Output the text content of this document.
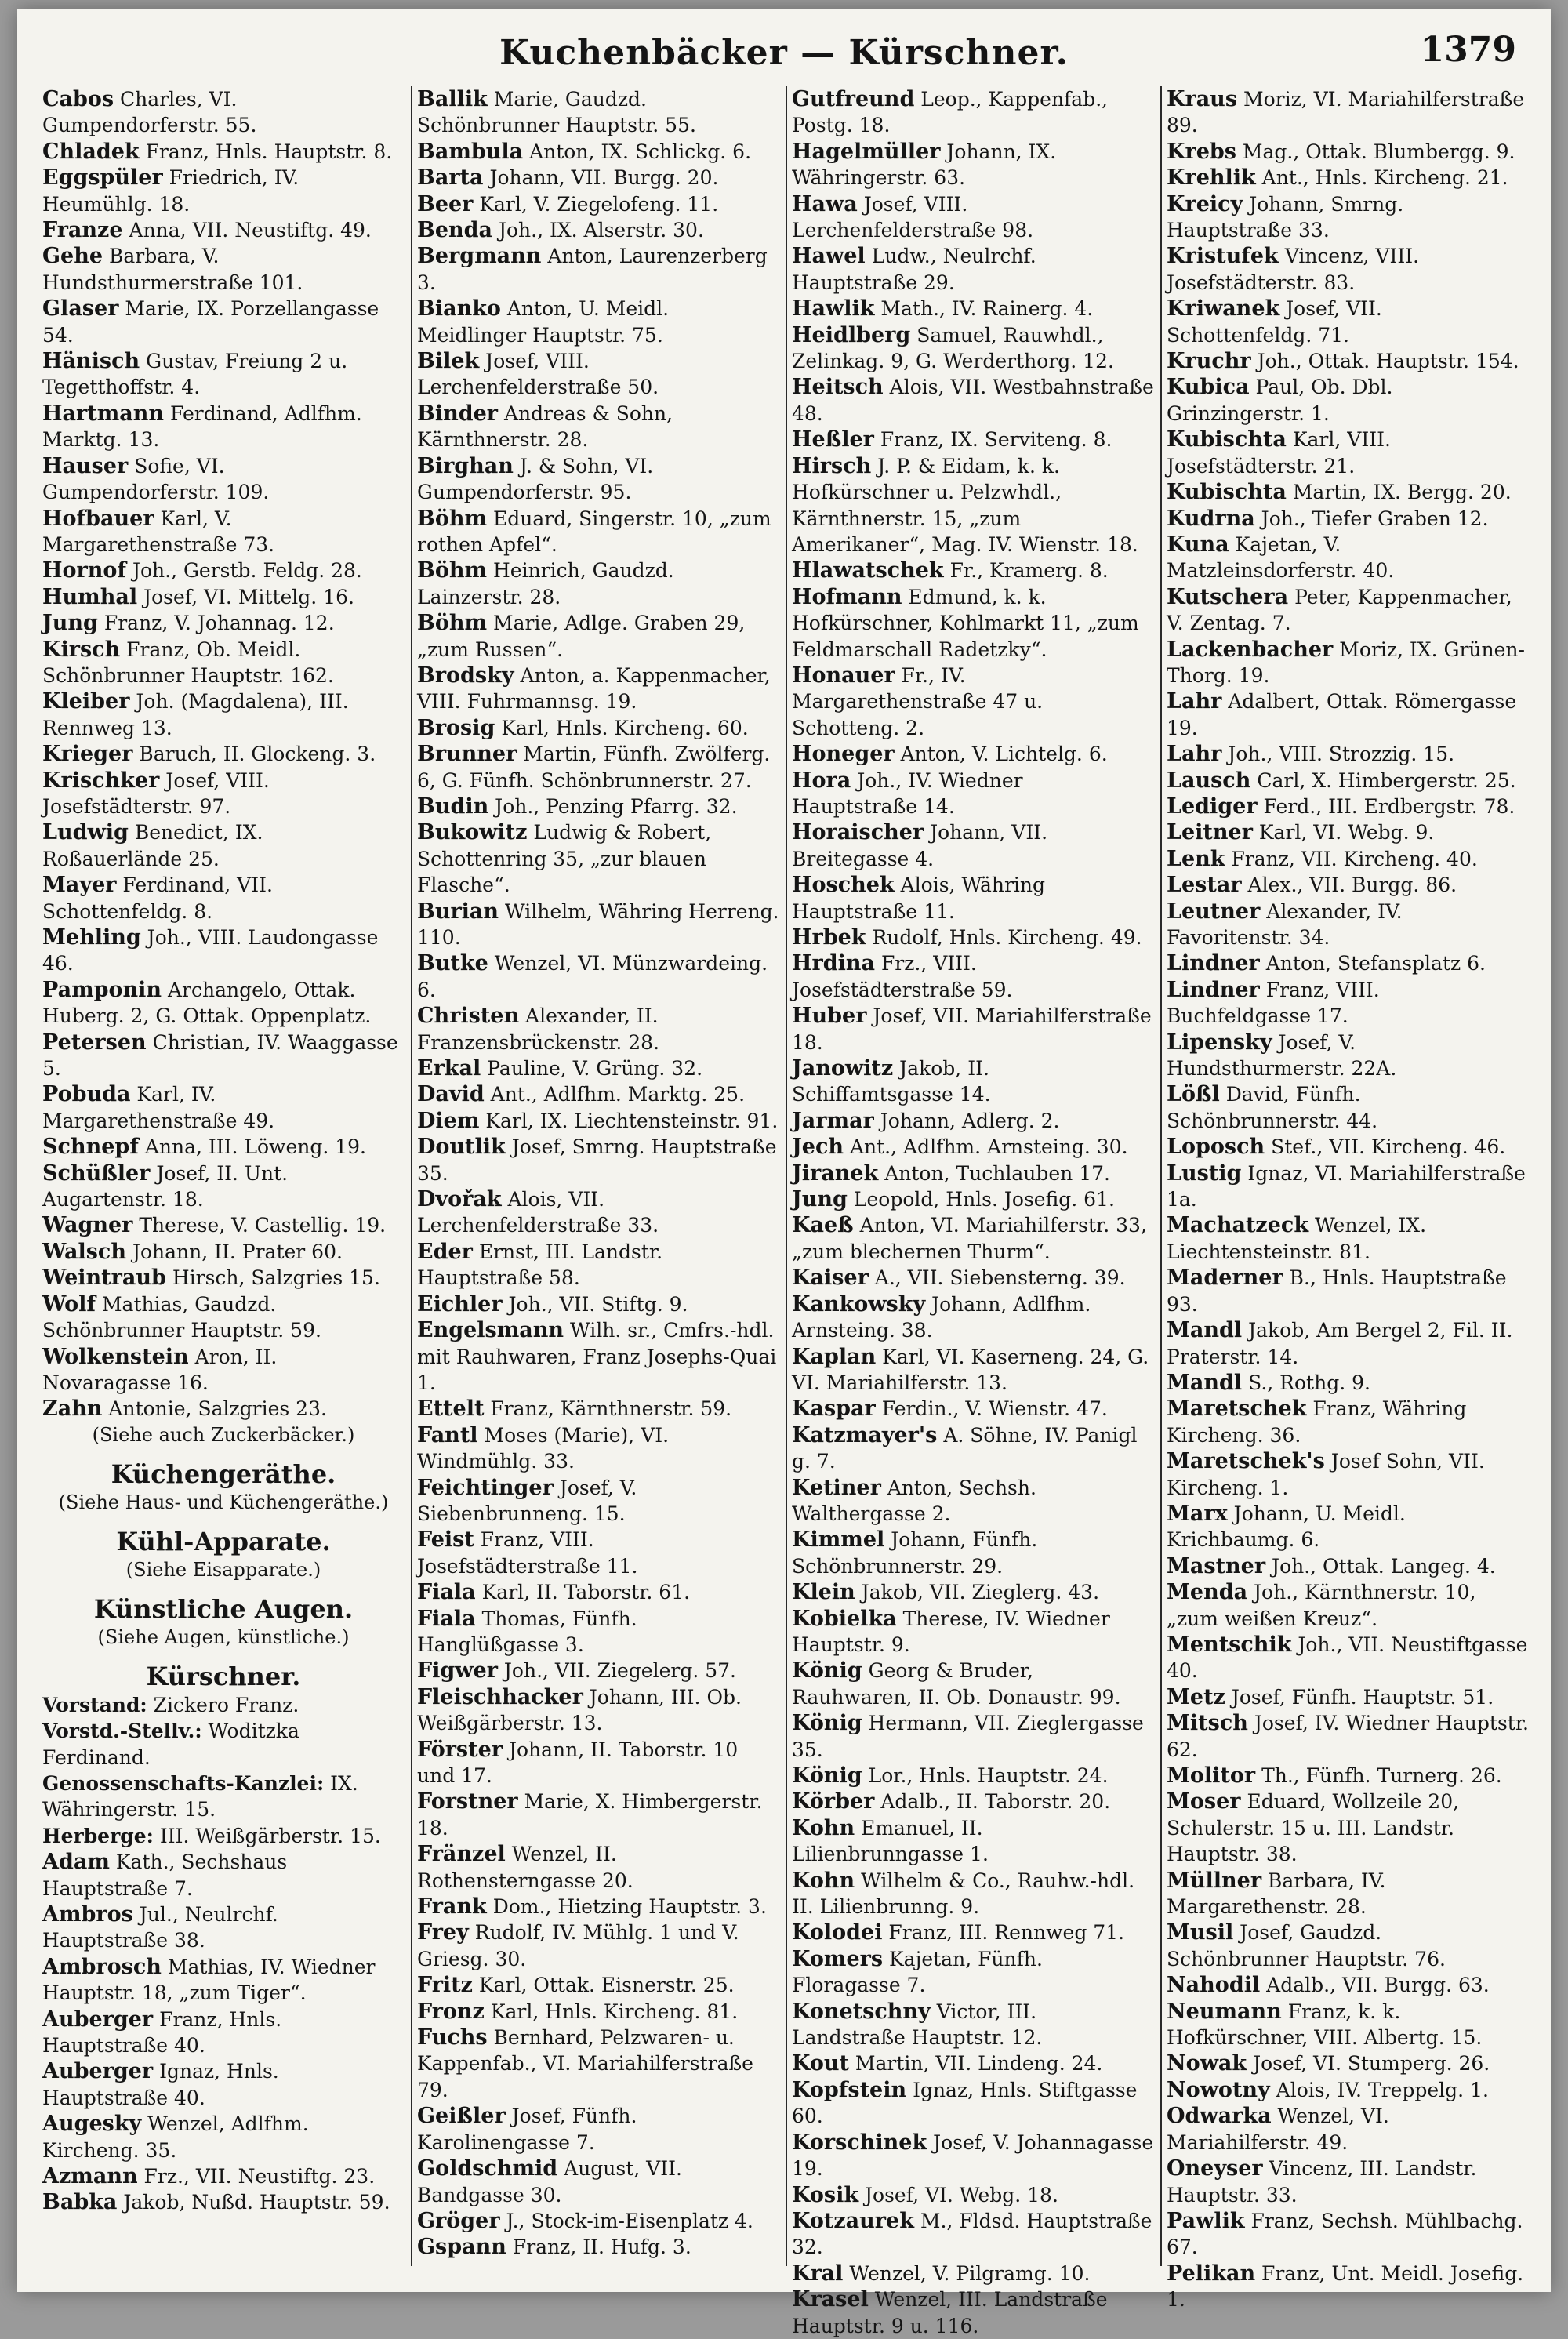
Kuchenbäcker — Kürschner.	1379
Cabos Charles, VI. Gumpendorferstr. 55.
Chladek Franz, Hnls. Hauptstr. 8.
Eggspüler Friedrich, IV. Heumühlg. 18.
Franze Anna, VII. Neustiftg. 49.
Gehe Barbara, V. Hundsthurmerstraße 101.
Glaser Marie, IX. Porzellangasse 54.
Hänisch Gustav, Freiung 2 u. Tegetthoffstr. 4.
Hartmann Ferdinand, Adlfhm. Marktg. 13.
Hauser Sofie, VI. Gumpendorferstr. 109.
Hofbauer Karl, V. Margarethenstraße 73.
Hornof Joh., Gerstb. Feldg. 28.
Humhal Josef, VI. Mittelg. 16.
Jung Franz, V. Johannag. 12.
Kirsch Franz, Ob. Meidl. Schönbrunner Hauptstr. 162.
Kleiber Joh. (Magdalena), III. Rennweg 13.
Krieger Baruch, II. Glockeng. 3.
Krischker Josef, VIII. Josefstädterstr. 97.
Ludwig Benedict, IX. Roßauerlände 25.
Mayer Ferdinand, VII. Schottenfeldg. 8.
Mehling Joh., VIII. Laudongasse 46.
Pamponin Archangelo, Ottak. Huberg. 2, G. Ottak. Oppenplatz.
Petersen Christian, IV. Waaggasse 5.
Pobuda Karl, IV. Margarethenstraße 49.
Schnepf Anna, III. Löweng. 19.
Schüßler Josef, II. Unt. Augartenstr. 18.
Wagner Therese, V. Castellig. 19.
Walsch Johann, II. Prater 60.
Weintraub Hirsch, Salzgries 15.
Wolf Mathias, Gaudzd. Schönbrunner Hauptstr. 59.
Wolkenstein Aron, II. Novaragasse 16.
Zahn Antonie, Salzgries 23.
(Siehe auch Zuckerbäcker.)
Küchengeräthe.
(Siehe Haus- und Küchengeräthe.)
Kühl-Apparate.
(Siehe Eisapparate.)
Künstliche Augen.
(Siehe Augen, künstliche.)
Kürschner.
Vorstand: Zickero Franz.
Vorstd.-Stellv.: Woditzka Ferdinand.
Genossenschafts-Kanzlei: IX. Währingerstr. 15.
Herberge: III. Weißgärberstr. 15.
Adam Kath., Sechshaus Hauptstraße 7.
Ambros Jul., Neulrchf. Hauptstraße 38.
Ambrosch Mathias, IV. Wiedner Hauptstr. 18, „zum Tiger“.
Auberger Franz, Hnls. Hauptstraße 40.
Auberger Ignaz, Hnls. Hauptstraße 40.
Augesky Wenzel, Adlfhm. Kircheng. 35.
Azmann Frz., VII. Neustiftg. 23.
Babka Jakob, Nußd. Hauptstr. 59.
Ballik Marie, Gaudzd. Schönbrunner Hauptstr. 55.
Bambula Anton, IX. Schlickg. 6.
Barta Johann, VII. Burgg. 20.
Beer Karl, V. Ziegelofeng. 11.
Benda Joh., IX. Alserstr. 30.
Bergmann Anton, Laurenzerberg 3.
Bianko Anton, U. Meidl. Meidlinger Hauptstr. 75.
Bilek Josef, VIII. Lerchenfelderstraße 50.
Binder Andreas & Sohn, Kärnthnerstr. 28.
Birghan J. & Sohn, VI. Gumpendorferstr. 95.
Böhm Eduard, Singerstr. 10, „zum rothen Apfel“.
Böhm Heinrich, Gaudzd. Lainzerstr. 28.
Böhm Marie, Adlge. Graben 29, „zum Russen“.
Brodsky Anton, a. Kappenmacher, VIII. Fuhrmannsg. 19.
Brosig Karl, Hnls. Kircheng. 60.
Brunner Martin, Fünfh. Zwölferg. 6, G. Fünfh. Schönbrunnerstr. 27.
Budin Joh., Penzing Pfarrg. 32.
Bukowitz Ludwig & Robert, Schottenring 35, „zur blauen Flasche“.
Burian Wilhelm, Währing Herreng. 110.
Butke Wenzel, VI. Münzwardeing. 6.
Christen Alexander, II. Franzensbrückenstr. 28.
Erkal Pauline, V. Grüng. 32.
David Ant., Adlfhm. Marktg. 25.
Diem Karl, IX. Liechtensteinstr. 91.
Doutlik Josef, Smrng. Hauptstraße 35.
Dvořak Alois, VII. Lerchenfelderstraße 33.
Eder Ernst, III. Landstr. Hauptstraße 58.
Eichler Joh., VII. Stiftg. 9.
Engelsmann Wilh. sr., Cmfrs.-hdl. mit Rauhwaren, Franz Josephs-Quai 1.
Ettelt Franz, Kärnthnerstr. 59.
Fantl Moses (Marie), VI. Windmühlg. 33.
Feichtinger Josef, V. Siebenbrunneng. 15.
Feist Franz, VIII. Josefstädterstraße 11.
Fiala Karl, II. Taborstr. 61.
Fiala Thomas, Fünfh. Hanglüßgasse 3.
Figwer Joh., VII. Ziegelerg. 57.
Fleischhacker Johann, III. Ob. Weißgärberstr. 13.
Förster Johann, II. Taborstr. 10 und 17.
Forstner Marie, X. Himbergerstr. 18.
Fränzel Wenzel, II. Rothensterngasse 20.
Frank Dom., Hietzing Hauptstr. 3.
Frey Rudolf, IV. Mühlg. 1 und V. Griesg. 30.
Fritz Karl, Ottak. Eisnerstr. 25.
Fronz Karl, Hnls. Kircheng. 81.
Fuchs Bernhard, Pelzwaren- u. Kappenfab., VI. Mariahilferstraße 79.
Geißler Josef, Fünfh. Karolinengasse 7.
Goldschmid August, VII. Bandgasse 30.
Gröger J., Stock-im-Eisenplatz 4.
Gspann Franz, II. Hufg. 3.
Gutfreund Leop., Kappenfab., Postg. 18.
Hagelmüller Johann, IX. Währingerstr. 63.
Hawa Josef, VIII. Lerchenfelderstraße 98.
Hawel Ludw., Neulrchf. Hauptstraße 29.
Hawlik Math., IV. Rainerg. 4.
Heidlberg Samuel, Rauwhdl., Zelinkag. 9, G. Werderthorg. 12.
Heitsch Alois, VII. Westbahnstraße 48.
Heßler Franz, IX. Serviteng. 8.
Hirsch J. P. & Eidam, k. k. Hofkürschner u. Pelzwhdl., Kärnthnerstr. 15, „zum Amerikaner“, Mag. IV. Wienstr. 18.
Hlawatschek Fr., Kramerg. 8.
Hofmann Edmund, k. k. Hofkürschner, Kohlmarkt 11, „zum Feldmarschall Radetzky“.
Honauer Fr., IV. Margarethenstraße 47 u. Schotteng. 2.
Honeger Anton, V. Lichtelg. 6.
Hora Joh., IV. Wiedner Hauptstraße 14.
Horaischer Johann, VII. Breitegasse 4.
Hoschek Alois, Währing Hauptstraße 11.
Hrbek Rudolf, Hnls. Kircheng. 49.
Hrdina Frz., VIII. Josefstädterstraße 59.
Huber Josef, VII. Mariahilferstraße 18.
Janowitz Jakob, II. Schiffamtsgasse 14.
Jarmar Johann, Adlerg. 2.
Jech Ant., Adlfhm. Arnsteing. 30.
Jiranek Anton, Tuchlauben 17.
Jung Leopold, Hnls. Josefig. 61.
Kaeß Anton, VI. Mariahilferstr. 33, „zum blechernen Thurm“.
Kaiser A., VII. Siebensterng. 39.
Kankowsky Johann, Adlfhm. Arnsteing. 38.
Kaplan Karl, VI. Kaserneng. 24, G. VI. Mariahilferstr. 13.
Kaspar Ferdin., V. Wienstr. 47.
Katzmayer's A. Söhne, IV. Panigl g. 7.
Ketiner Anton, Sechsh. Walthergasse 2.
Kimmel Johann, Fünfh. Schönbrunnerstr. 29.
Klein Jakob, VII. Zieglerg. 43.
Kobielka Therese, IV. Wiedner Hauptstr. 9.
König Georg & Bruder, Rauhwaren, II. Ob. Donaustr. 99.
König Hermann, VII. Zieglergasse 35.
König Lor., Hnls. Hauptstr. 24.
Körber Adalb., II. Taborstr. 20.
Kohn Emanuel, II. Lilienbrunngasse 1.
Kohn Wilhelm & Co., Rauhw.-hdl. II. Lilienbrunng. 9.
Kolodei Franz, III. Rennweg 71.
Komers Kajetan, Fünfh. Floragasse 7.
Konetschny Victor, III. Landstraße Hauptstr. 12.
Kout Martin, VII. Lindeng. 24.
Kopfstein Ignaz, Hnls. Stiftgasse 60.
Korschinek Josef, V. Johannagasse 19.
Kosik Josef, VI. Webg. 18.
Kotzaurek M., Fldsd. Hauptstraße 32.
Kral Wenzel, V. Pilgramg. 10.
Krasel Wenzel, III. Landstraße Hauptstr. 9 u. 116.
Kraus Moriz, VI. Mariahilferstraße 89.
Krebs Mag., Ottak. Blumbergg. 9.
Krehlik Ant., Hnls. Kircheng. 21.
Kreicy Johann, Smrng. Hauptstraße 33.
Kristufek Vincenz, VIII. Josefstädterstr. 83.
Kriwanek Josef, VII. Schottenfeldg. 71.
Kruchr Joh., Ottak. Hauptstr. 154.
Kubica Paul, Ob. Dbl. Grinzingerstr. 1.
Kubischta Karl, VIII. Josefstädterstr. 21.
Kubischta Martin, IX. Bergg. 20.
Kudrna Joh., Tiefer Graben 12.
Kuna Kajetan, V. Matzleinsdorferstr. 40.
Kutschera Peter, Kappenmacher, V. Zentag. 7.
Lackenbacher Moriz, IX. Grünen-Thorg. 19.
Lahr Adalbert, Ottak. Römergasse 19.
Lahr Joh., VIII. Strozzig. 15.
Lausch Carl, X. Himbergerstr. 25.
Lediger Ferd., III. Erdbergstr. 78.
Leitner Karl, VI. Webg. 9.
Lenk Franz, VII. Kircheng. 40.
Lestar Alex., VII. Burgg. 86.
Leutner Alexander, IV. Favoritenstr. 34.
Lindner Anton, Stefansplatz 6.
Lindner Franz, VIII. Buchfeldgasse 17.
Lipensky Josef, V. Hundsthurmerstr. 22A.
Lößl David, Fünfh. Schönbrunnerstr. 44.
Loposch Stef., VII. Kircheng. 46.
Lustig Ignaz, VI. Mariahilferstraße 1a.
Machatzeck Wenzel, IX. Liechtensteinstr. 81.
Maderner B., Hnls. Hauptstraße 93.
Mandl Jakob, Am Bergel 2, Fil. II. Praterstr. 14.
Mandl S., Rothg. 9.
Maretschek Franz, Währing Kircheng. 36.
Maretschek's Josef Sohn, VII. Kircheng. 1.
Marx Johann, U. Meidl. Krichbaumg. 6.
Mastner Joh., Ottak. Langeg. 4.
Menda Joh., Kärnthnerstr. 10, „zum weißen Kreuz“.
Mentschik Joh., VII. Neustiftgasse 40.
Metz Josef, Fünfh. Hauptstr. 51.
Mitsch Josef, IV. Wiedner Hauptstr. 62.
Molitor Th., Fünfh. Turnerg. 26.
Moser Eduard, Wollzeile 20, Schulerstr. 15 u. III. Landstr. Hauptstr. 38.
Müllner Barbara, IV. Margarethenstr. 28.
Musil Josef, Gaudzd. Schönbrunner Hauptstr. 76.
Nahodil Adalb., VII. Burgg. 63.
Neumann Franz, k. k. Hofkürschner, VIII. Albertg. 15.
Nowak Josef, VI. Stumperg. 26.
Nowotny Alois, IV. Treppelg. 1.
Odwarka Wenzel, VI. Mariahilferstr. 49.
Oneyser Vincenz, III. Landstr. Hauptstr. 33.
Pawlik Franz, Sechsh. Mühlbachg. 67.
Pelikan Franz, Unt. Meidl. Josefig. 1.
